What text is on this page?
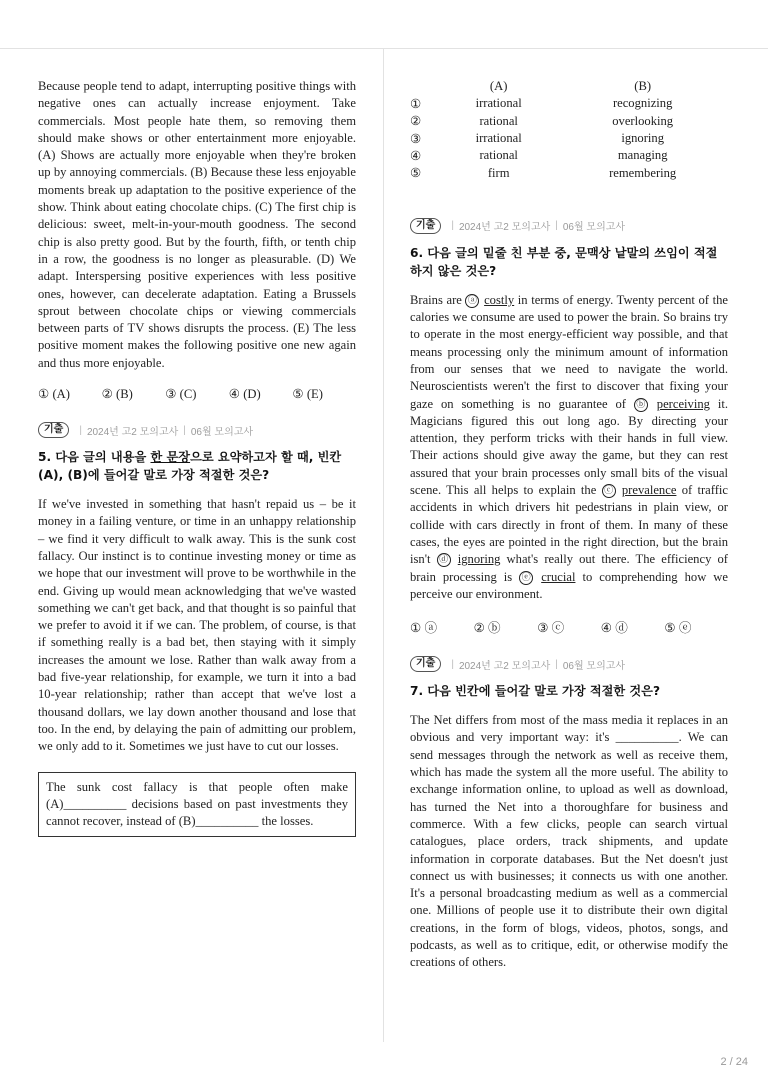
Because people tend to adapt, interrupting positive things with negative ones can actually increase enjoyment. Take commercials. Most people hate them, so removing them should make shows or other entertainment more enjoyable. (A) Shows are actually more enjoyable when they're broken up by annoying commercials. (B) Because these less enjoyable moments break up adaptation to the positive experience of the show. Think about eating chocolate chips. (C) The first chip is delicious: sweet, melt-in-your-mouth goodness. The second chip is also pretty good. But by the fourth, fifth, or tenth chip in a row, the goodness is no longer as pleasurable. (D) We adapt. Interspersing positive experiences with less positive ones, however, can decelerate adaptation. Eating a Brussels sprout between chocolate chips or viewing commercials between parts of TV shows disrupts the process. (E) The less positive moment makes the following positive one new again and thus more enjoyable.

① (A)	② (B)	③ (C)	④ (D)	⑤ (E)
기출	| 2024년 고2 모의고사 | 06월 모의고사
5. 다음 글의 내용을 한 문장으로 요약하고자 할 때, 빈칸 (A), (B)에 들어갈 말로 가장 적절한 것은?

If we've invested in something that hasn't repaid us – be it money in a failing venture, or time in an unhappy relationship – we find it very difficult to walk away. This is the sunk cost fallacy. Our instinct is to continue investing money or time as we hope that our investment will prove to be worthwhile in the end. Giving up would mean acknowledging that we've wasted something we can't get back, and that thought is so painful that we prefer to avoid it if we can. The problem, of course, is that if something really is a bad bet, then staying with it simply increases the amount we lose. Rather than walk away from a bad five-year relationship, for example, we turn it into a bad 10-year relationship; rather than accept that we've lost a thousand dollars, we lay down another thousand and lose that too. In the end, by delaying the pain of admitting our problem, we only add to it. Sometimes we just have to cut our losses.

The sunk cost fallacy is that people often make (A)__________ decisions based on past investments they cannot recover, instead of (B)__________ the losses.
	(A)	(B)
①	irrational	recognizing
②	rational	overlooking
③	irrational	ignoring
④	rational	managing
⑤	firm	remembering
기출	| 2024년 고2 모의고사 | 06월 모의고사
6. 다음 글의 밑줄 친 부분 중, 문맥상 낱말의 쓰임이 적절하지 않은 것은?

Brains are ⓐ costly in terms of energy. Twenty percent of the calories we consume are used to power the brain. So brains try to operate in the most energy-efficient way possible, and that means processing only the minimum amount of information from our senses that we need to navigate the world. Neuroscientists weren't the first to discover that fixing your gaze on something is no guarantee of ⓑ perceiving it. Magicians figured this out long ago. By directing your attention, they perform tricks with their hands in full view. Their actions should give away the game, but they can rest assured that your brain processes only small bits of the visual scene. This all helps to explain the ⓒ prevalence of traffic accidents in which drivers hit pedestrians in plain view, or collide with cars directly in front of them. In many of these cases, the eyes are pointed in the right direction, but the brain isn't ⓓ ignoring what's really out there. The efficiency of brain processing is ⓔ crucial to comprehending how we perceive our environment.

① ⓐ	② ⓑ	③ ⓒ	④ ⓓ	⑤ ⓔ
기출	| 2024년 고2 모의고사 | 06월 모의고사
7. 다음 빈칸에 들어갈 말로 가장 적절한 것은?

The Net differs from most of the mass media it replaces in an obvious and very important way: it's __________. We can send messages through the network as well as receive them, which has made the system all the more useful. The ability to exchange information online, to upload as well as download, has turned the Net into a thoroughfare for business and commerce. With a few clicks, people can search virtual catalogues, place orders, track shipments, and update information in corporate databases. But the Net doesn't just connect us with businesses; it connects us with one another. It's a personal broadcasting medium as well as a commercial one. Millions of people use it to distribute their own digital creations, in the form of blogs, videos, photos, songs, and podcasts, as well as to critique, edit, or otherwise modify the creations of others.

2 / 24
